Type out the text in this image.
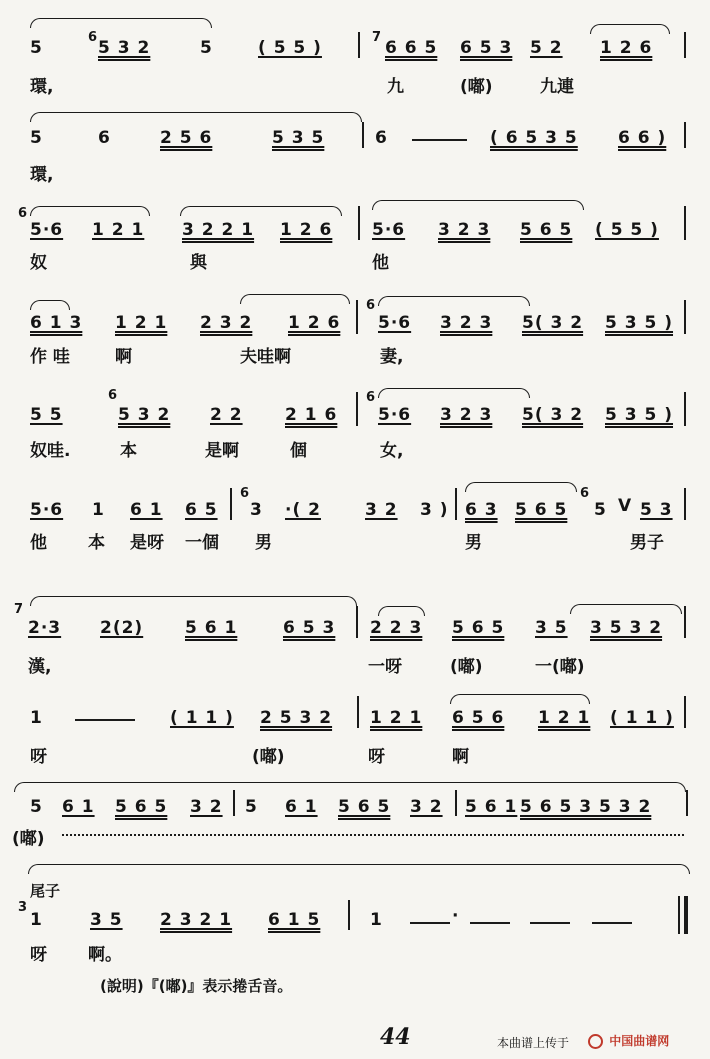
5
6
5 3 2	5	( 5 5 )
7
6 6 5 6 5 3 5 2 1 2 6
環,	九	(嘟)	九連
5	6	2 5 6	5 3 5	6	( 6 5 3 5 6 6 )
環,
6
5·6 1 2 1 3 2 2 1 1 2 6 5·6 3 2 3 5 6 5 ( 5 5 )
奴	與	他
6 1 3 1 2 1 2 3 2 1 2 6
6
5·6 3 2 3 5( 3 2 5 3 5 )
作 哇	啊	夫哇啊	妻,
5 5
6
5 3 2 2 2 2 1 6
6
5·6 3 2 3 5( 3 2 5 3 5 )
奴哇.	本	是啊	個	女,
5·6 1 6 1 6 5
6
3 ·( 2	3 2 3 ) 6 3 5 6 5
6
5 V 5 3
他 本 是呀 一個 男	男	男子
7
2·3 2(2) 5 6 1	6 5 3 2 2 3 5 6 5 3 5 3 5 3 2
漢,	一呀	(嘟)	一(嘟)
1	( 1 1 ) 2 5 3 2 1 2 1 6 5 6 1 2 1 ( 1 1 )
呀	(嘟)	呀	啊
5 6 1 5 6 5 3 2 5 6 1 5 6 5 3 2 5 6 1 5 6 5 3 5 3 2
(嘟)
尾子
3
1	3 5 2 3 2 1 6 1 5	1	·
呀 啊。
(說明)『(嘟)』表示捲舌音。
44	本曲谱上传于	中国曲谱网
